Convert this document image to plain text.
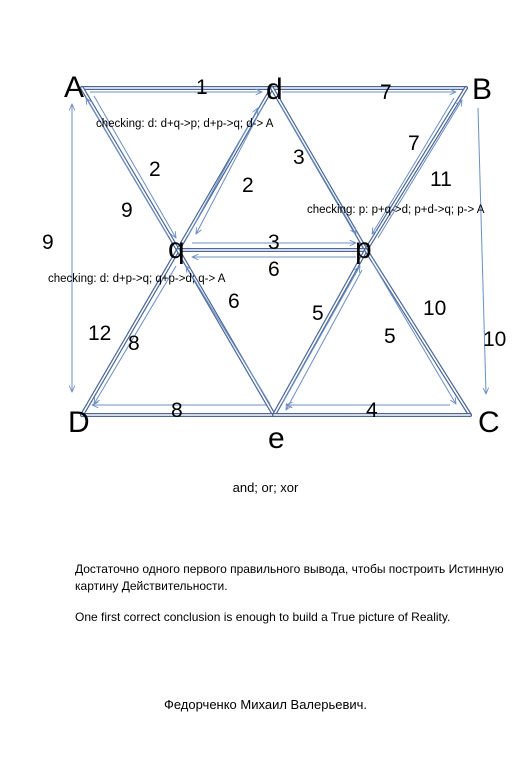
A	d	B
q	p
D	e	C
1	7
7
11
3
2
2
9
9	3
6
6
5
5
10
10
12 8
8	4
checking: d: d+q->p; d+p->q; d-> A
checking: p: p+q->d; p+d->q; p-> A
checking: d: d+p->q; q+p->d; q-> A
and; or; xor
Достаточно одного первого правильного вывода, чтобы построить Истинную картину Действительности.
One first correct conclusion is enough to build a True picture of Reality.
Федорченко Михаил Валерьевич.
